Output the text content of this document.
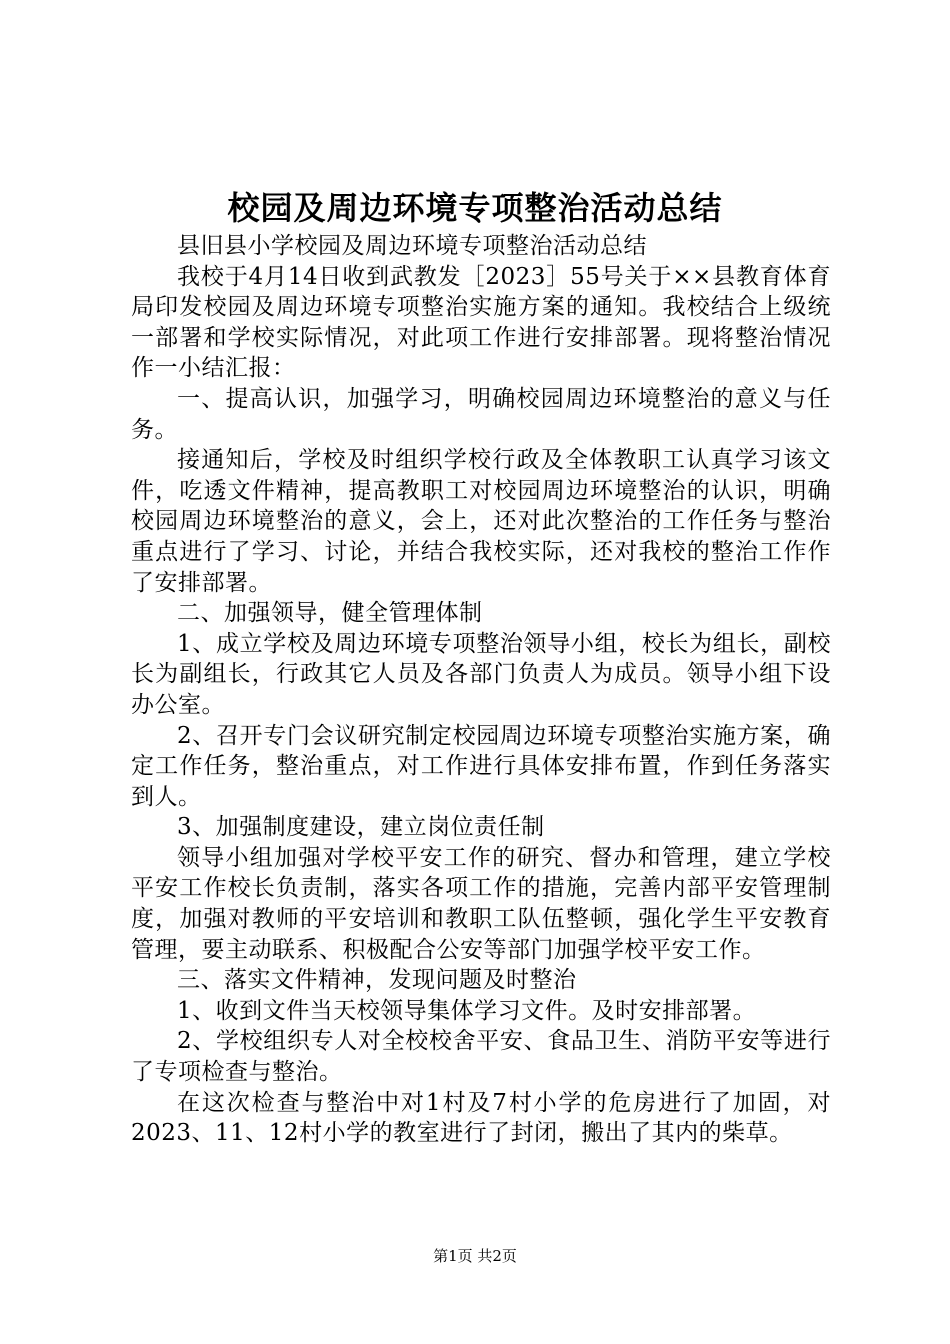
校园及周边环境专项整治活动总结

县旧县小学校园及周边环境专项整治活动总结

我校于4月14日收到武教发［2023］55号关于××县教育体育局印发校园及周边环境专项整治实施方案的通知。我校结合上级统一部署和学校实际情况，对此项工作进行安排部署。现将整治情况作一小结汇报：

一、提高认识，加强学习，明确校园周边环境整治的意义与任务。

接通知后，学校及时组织学校行政及全体教职工认真学习该文件，吃透文件精神，提高教职工对校园周边环境整治的认识，明确校园周边环境整治的意义，会上，还对此次整治的工作任务与整治重点进行了学习、讨论，并结合我校实际，还对我校的整治工作作了安排部署。

二、加强领导，健全管理体制

1、成立学校及周边环境专项整治领导小组，校长为组长，副校长为副组长，行政其它人员及各部门负责人为成员。领导小组下设办公室。

2、召开专门会议研究制定校园周边环境专项整治实施方案，确定工作任务，整治重点，对工作进行具体安排布置，作到任务落实到人。

3、加强制度建设，建立岗位责任制

领导小组加强对学校平安工作的研究、督办和管理，建立学校平安工作校长负责制，落实各项工作的措施，完善内部平安管理制度，加强对教师的平安培训和教职工队伍整顿，强化学生平安教育管理，要主动联系、积极配合公安等部门加强学校平安工作。

三、落实文件精神，发现问题及时整治

1、收到文件当天校领导集体学习文件。及时安排部署。

2、学校组织专人对全校校舍平安、食品卫生、消防平安等进行了专项检查与整治。

在这次检查与整治中对1村及7村小学的危房进行了加固，对2023、11、12村小学的教室进行了封闭，搬出了其内的柴草。

第1页 共2页
